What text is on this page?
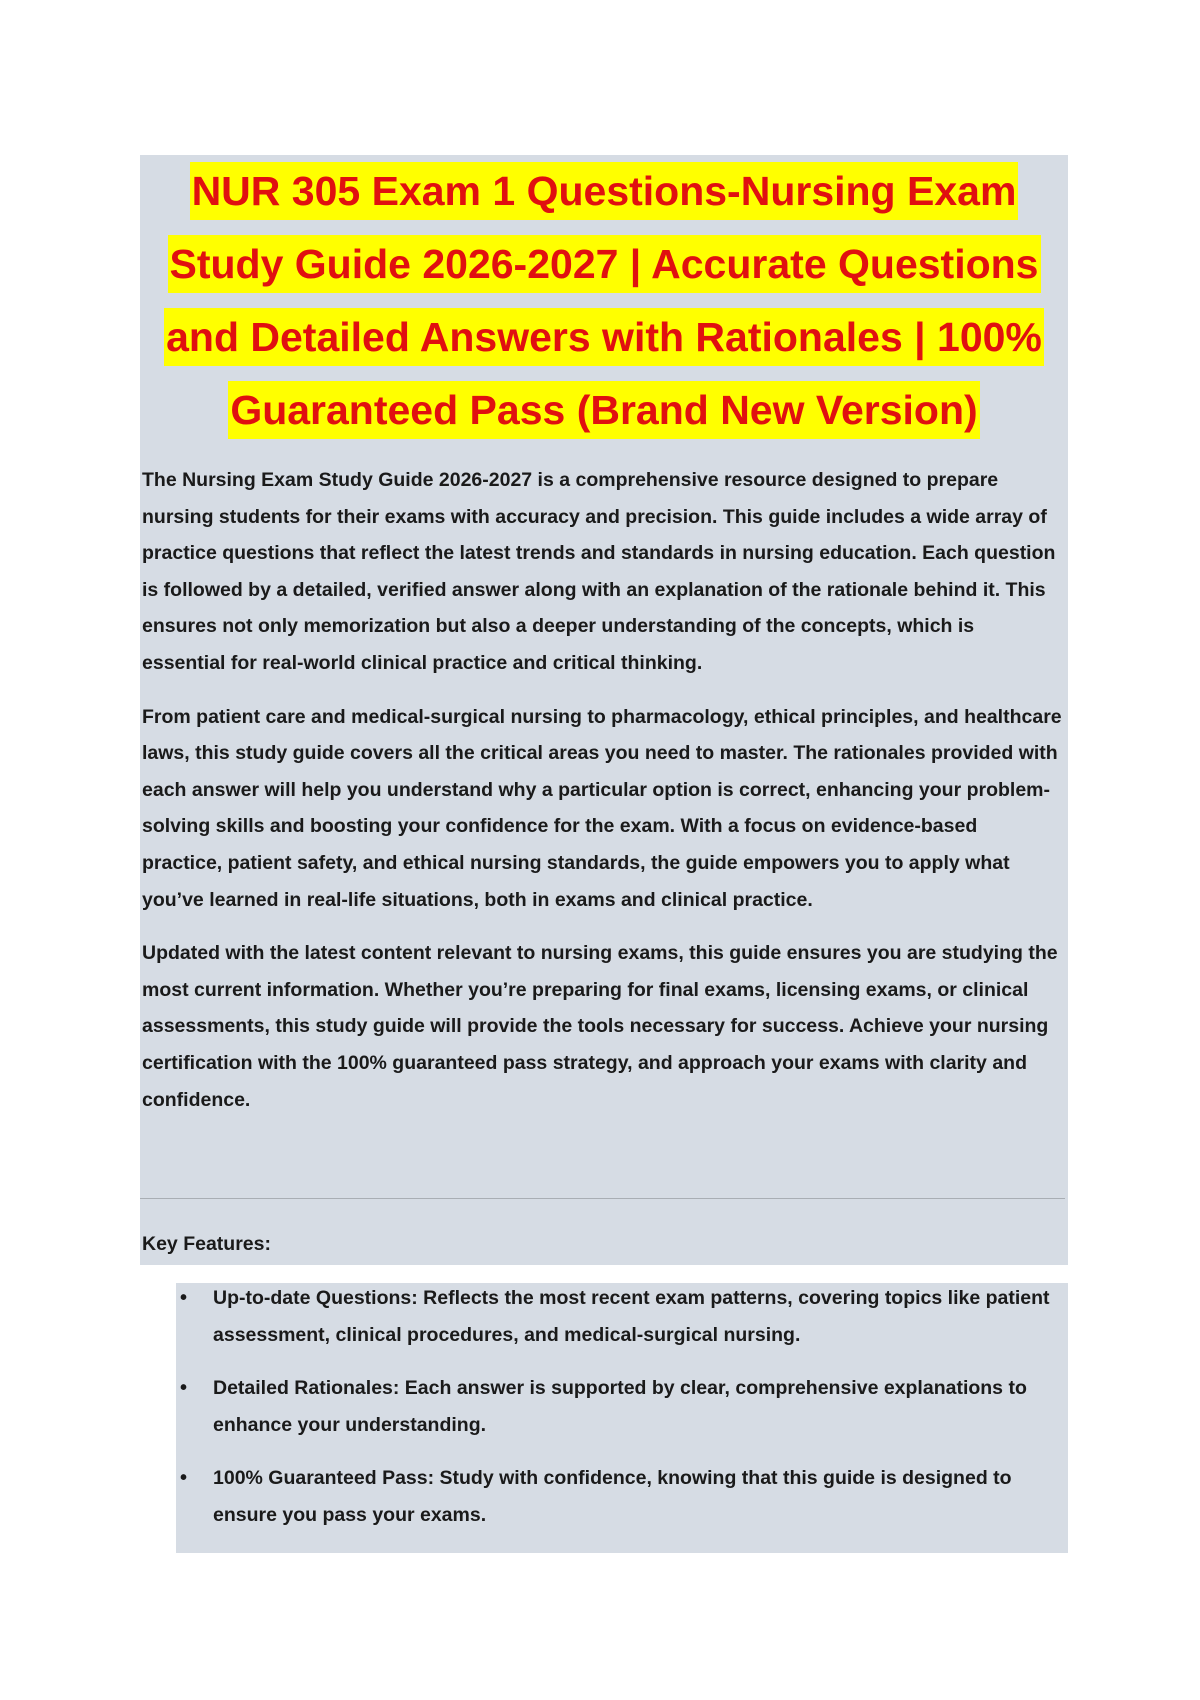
NUR 305 Exam 1 Questions-Nursing Exam
Study Guide 2026-2027 | Accurate Questions
and Detailed Answers with Rationales | 100%
Guaranteed Pass (Brand New Version)

The Nursing Exam Study Guide 2026-2027 is a comprehensive resource designed to prepare nursing students for their exams with accuracy and precision. This guide includes a wide array of practice questions that reflect the latest trends and standards in nursing education. Each question is followed by a detailed, verified answer along with an explanation of the rationale behind it. This ensures not only memorization but also a deeper understanding of the concepts, which is essential for real-world clinical practice and critical thinking.

From patient care and medical-surgical nursing to pharmacology, ethical principles, and healthcare laws, this study guide covers all the critical areas you need to master. The rationales provided with each answer will help you understand why a particular option is correct, enhancing your problem-solving skills and boosting your confidence for the exam. With a focus on evidence-based practice, patient safety, and ethical nursing standards, the guide empowers you to apply what you’ve learned in real-life situations, both in exams and clinical practice.

Updated with the latest content relevant to nursing exams, this guide ensures you are studying the most current information. Whether you’re preparing for final exams, licensing exams, or clinical assessments, this study guide will provide the tools necessary for success. Achieve your nursing certification with the 100% guaranteed pass strategy, and approach your exams with clarity and confidence.

Key Features:
• Up-to-date Questions: Reflects the most recent exam patterns, covering topics like patient assessment, clinical procedures, and medical-surgical nursing.
• Detailed Rationales: Each answer is supported by clear, comprehensive explanations to enhance your understanding.
• 100% Guaranteed Pass: Study with confidence, knowing that this guide is designed to ensure you pass your exams.
